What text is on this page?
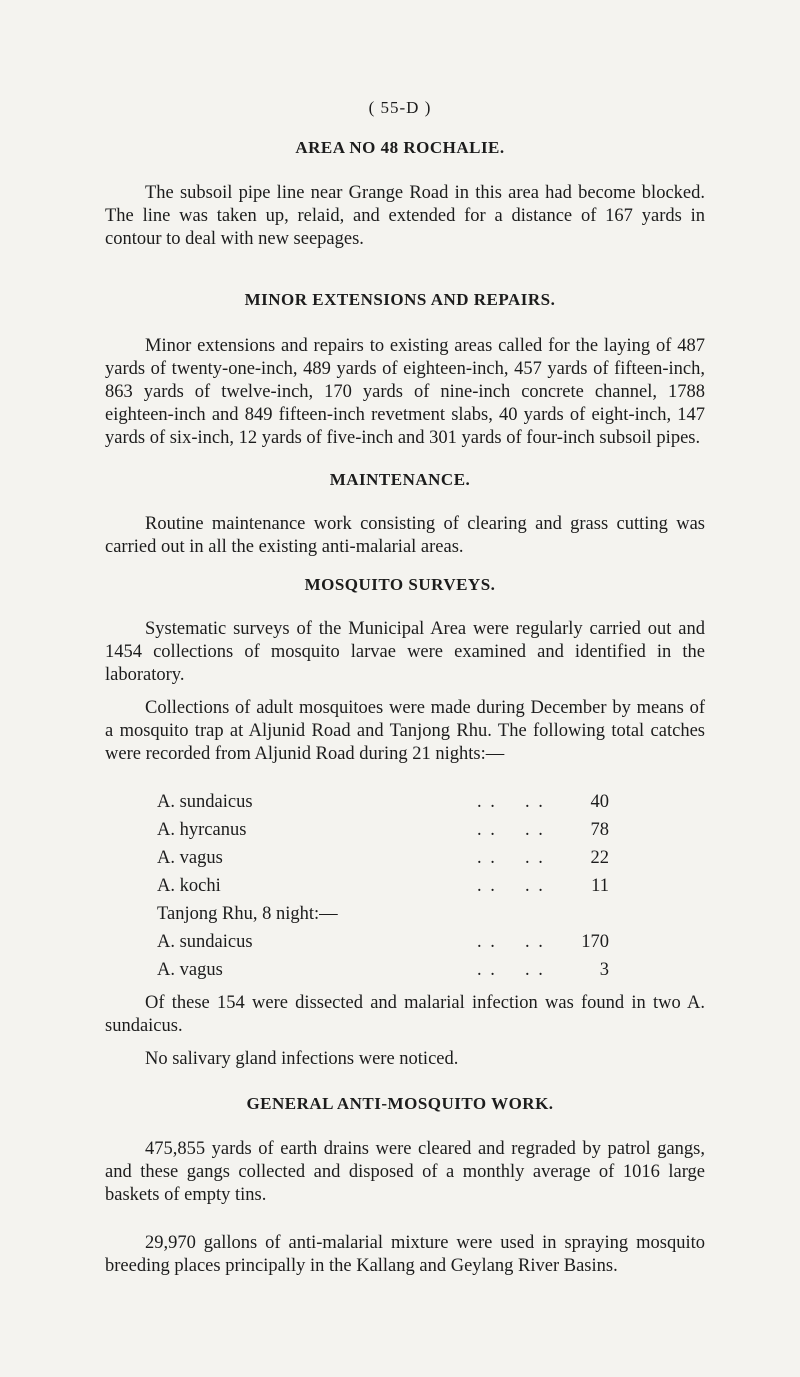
( 55-D )
AREA NO 48 ROCHALIE.
The subsoil pipe line near Grange Road in this area had become blocked. The line was taken up, relaid, and extended for a distance of 167 yards in contour to deal with new seepages.
MINOR EXTENSIONS AND REPAIRS.
Minor extensions and repairs to existing areas called for the laying of 487 yards of twenty-one-inch, 489 yards of eighteen-inch, 457 yards of fifteen-inch, 863 yards of twelve-inch, 170 yards of nine-inch concrete channel, 1788 eighteen-inch and 849 fifteen-inch revetment slabs, 40 yards of eight-inch, 147 yards of six-inch, 12 yards of five-inch and 301 yards of four-inch subsoil pipes.
MAINTENANCE.
Routine maintenance work consisting of clearing and grass cutting was carried out in all the existing anti-malarial areas.
MOSQUITO SURVEYS.
Systematic surveys of the Municipal Area were regularly carried out and 1454 collections of mosquito larvae were examined and identified in the laboratory.
Collections of adult mosquitoes were made during December by means of a mosquito trap at Aljunid Road and Tanjong Rhu. The following total catches were recorded from Aljunid Road during 21 nights:—
A. sundaicus	. . . . 40
A. hyrcanus	. . . . 78
A. vagus	. . . . 22
A. kochi	. . . .	11
Tanjong Rhu, 8 night:—
A. sundaicus	. . . . 170
A. vagus	. . . .	3
Of these 154 were dissected and malarial infection was found in two A. sundaicus.
No salivary gland infections were noticed.
GENERAL ANTI-MOSQUITO WORK.
475,855 yards of earth drains were cleared and regraded by patrol gangs, and these gangs collected and disposed of a monthly average of 1016 large baskets of empty tins.
29,970 gallons of anti-malarial mixture were used in spraying mosquito breeding places principally in the Kallang and Geylang River Basins.
